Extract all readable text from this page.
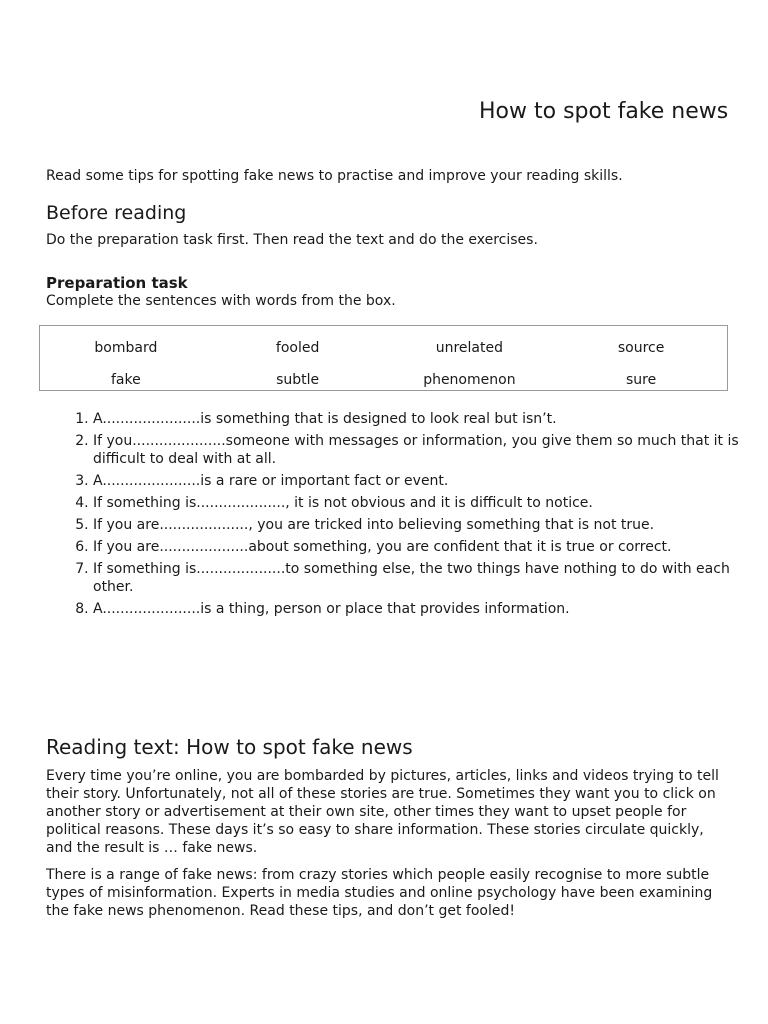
How to spot fake news

Read some tips for spotting fake news to practise and improve your reading skills.

Before reading

Do the preparation task first. Then read the text and do the exercises.

Preparation task

Complete the sentences with words from the box.

bombard	fooled	unrelated	source
fake	subtle	phenomenon	sure
1. A......................is something that is designed to look real but isn’t.
2. If you.....................someone with messages or information, you give them so much that it is difficult to deal with at all.
3. A......................is a rare or important fact or event.
4. If something is...................., it is not obvious and it is difficult to notice.
5. If you are...................., you are tricked into believing something that is not true.
6. If you are....................about something, you are confident that it is true or correct.
7. If something is....................to something else, the two things have nothing to do with each other.
8. A......................is a thing, person or place that provides information.
Reading text: How to spot fake news

Every time you’re online, you are bombarded by pictures, articles, links and videos trying to tell their story. Unfortunately, not all of these stories are true. Sometimes they want you to click on another story or advertisement at their own site, other times they want to upset people for political reasons. These days it’s so easy to share information. These stories circulate quickly, and the result is … fake news.

There is a range of fake news: from crazy stories which people easily recognise to more subtle types of misinformation. Experts in media studies and online psychology have been examining the fake news phenomenon. Read these tips, and don’t get fooled!
